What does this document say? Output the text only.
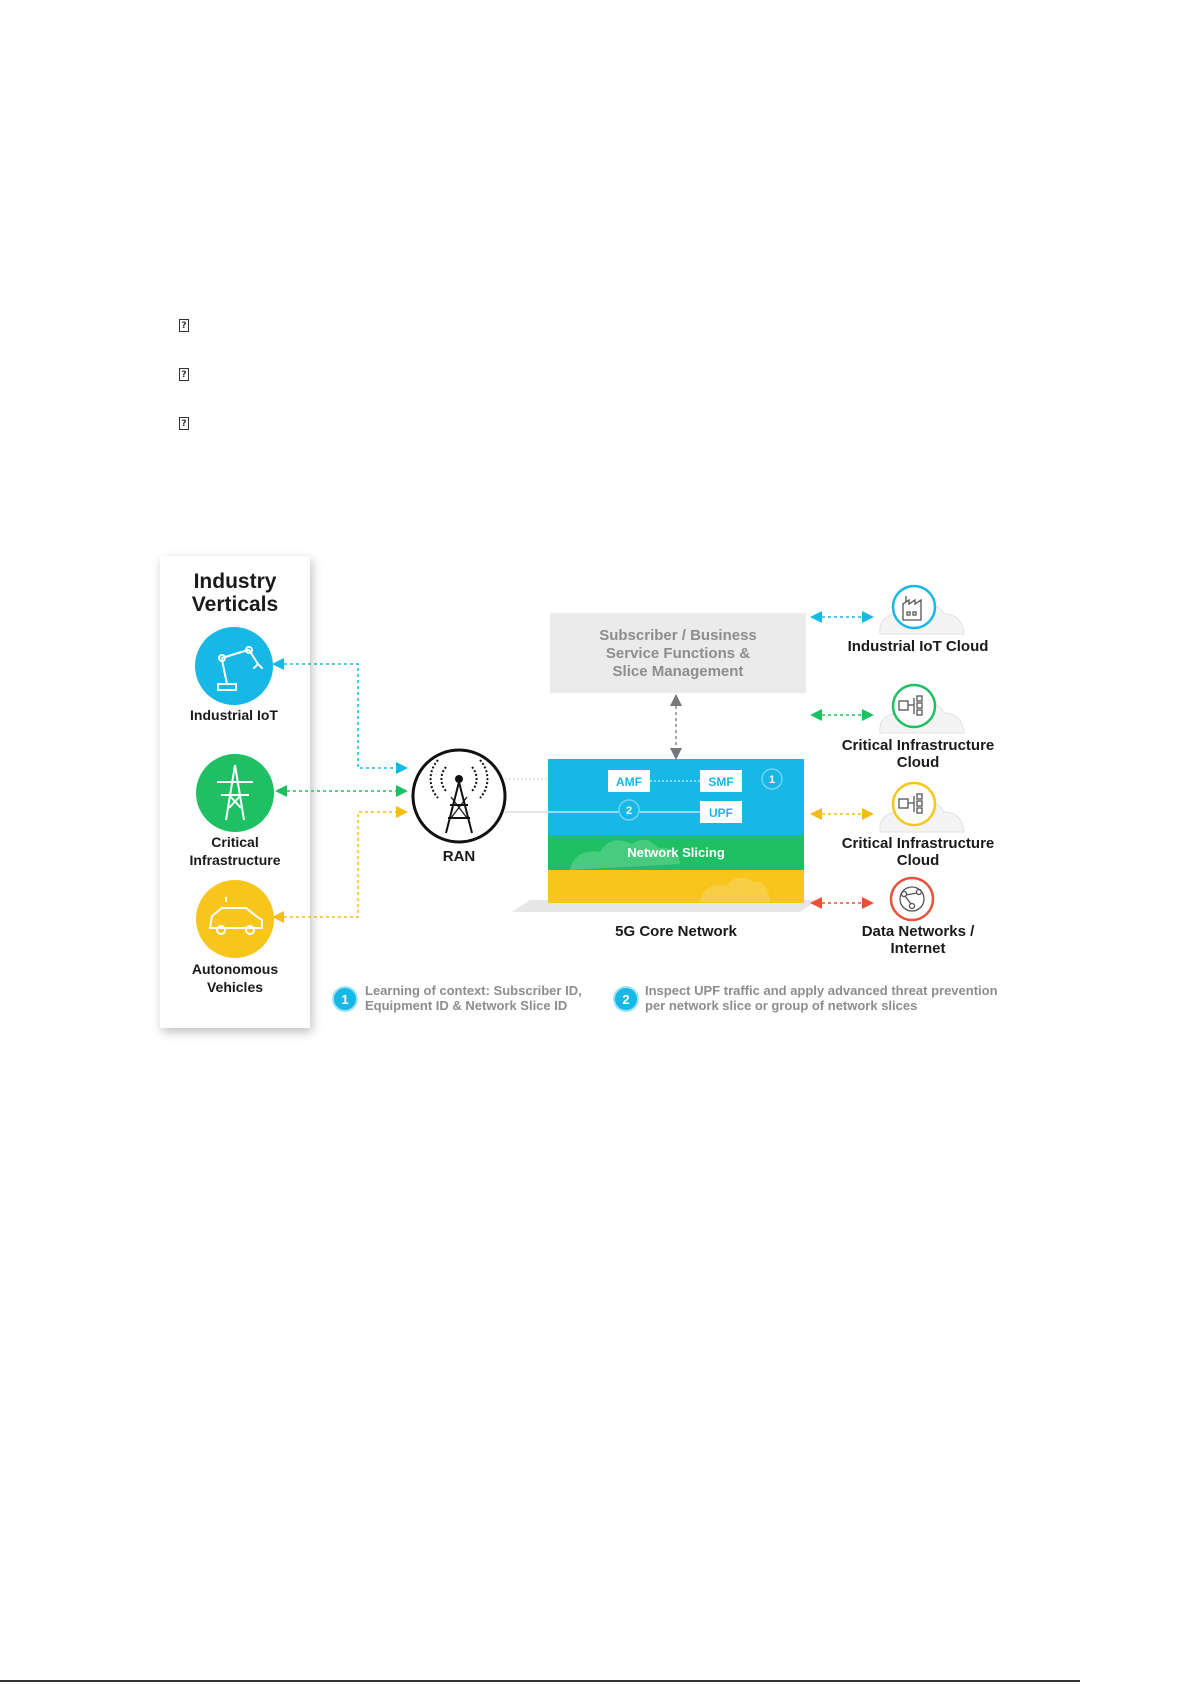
?
?
?
Industry
Verticals
Industrial IoT
Critical
Infrastructure
Autonomous
Vehicles
RAN
Subscriber / Business
Service Functions &
Slice Management
AMF	SMF
UPF
1
2
Network Slicing
5G Core Network
Industrial IoT Cloud
Critical Infrastructure
Cloud
Critical Infrastructure
Cloud
Data Networks /
Internet
1
Learning of context: Subscriber ID,
Equipment ID & Network Slice ID	2
Inspect UPF traffic and apply advanced threat prevention
per network slice or group of network slices
